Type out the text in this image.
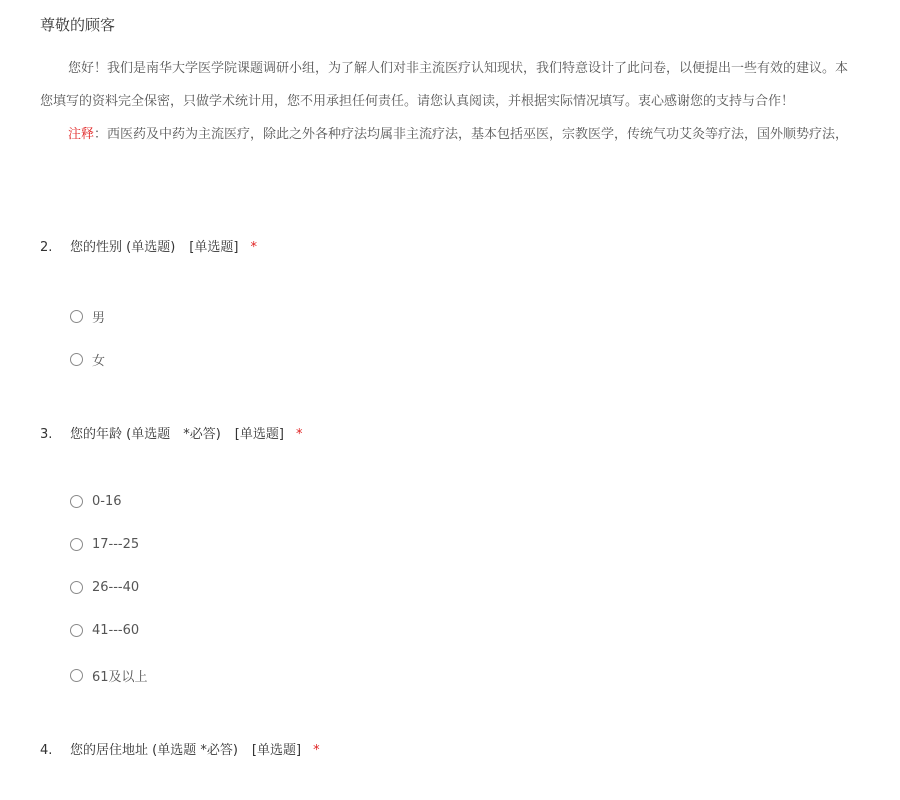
尊敬的顾客
您好！我们是南华大学医学院课题调研小组，为了解人们对非主流医疗认知现状，我们特意设计了此问卷，以便提出一些有效的建议。本
您填写的资料完全保密，只做学术统计用，您不用承担任何责任。请您认真阅读，并根据实际情况填写。衷心感谢您的支持与合作！
注释：西医药及中药为主流医疗，除此之外各种疗法均属非主流疗法，基本包括巫医，宗教医学，传统气功艾灸等疗法，国外顺势疗法，
2. 您的性别 (单选题) [单选题] *
男
女
3. 您的年龄 (单选题　*必答) [单选题] *
0-16
17---25
26---40
41---60
61及以上
4. 您的居住地址 (单选题 *必答) [单选题] *
